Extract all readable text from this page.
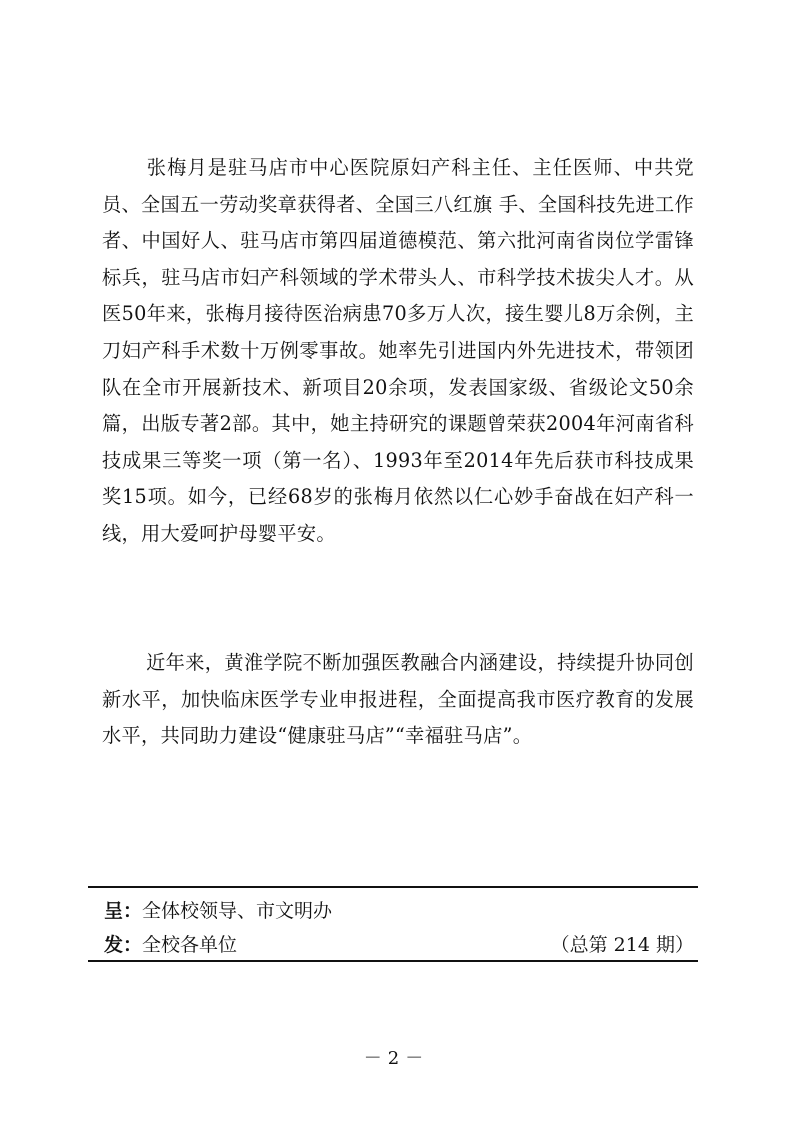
张梅月是驻马店市中心医院原妇产科主任、主任医师、中共党员、全国五一劳动奖章获得者、全国三八红旗 手、全国科技先进工作者、中国好人、驻马店市第四届道德模范、第六批河南省岗位学雷锋标兵，驻马店市妇产科领域的学术带头人、市科学技术拔尖人才。从医50年来，张梅月接待医治病患70多万人次，接生婴儿8万余例，主刀妇产科手术数十万例零事故。她率先引进国内外先进技术，带领团队在全市开展新技术、新项目20余项，发表国家级、省级论文50余篇，出版专著2部。其中，她主持研究的课题曾荣获2004年河南省科技成果三等奖一项（第一名）、1993年至2014年先后获市科技成果奖15项。如今，已经68岁的张梅月依然以仁心妙手奋战在妇产科一线，用大爱呵护母婴平安。

近年来，黄淮学院不断加强医教融合内涵建设，持续提升协同创新水平，加快临床医学专业申报进程，全面提高我市医疗教育的发展水平，共同助力建设“健康驻马店”“幸福驻马店”。

呈：全体校领导、市文明办
发：全校各单位	（总第 214 期）
－2－
